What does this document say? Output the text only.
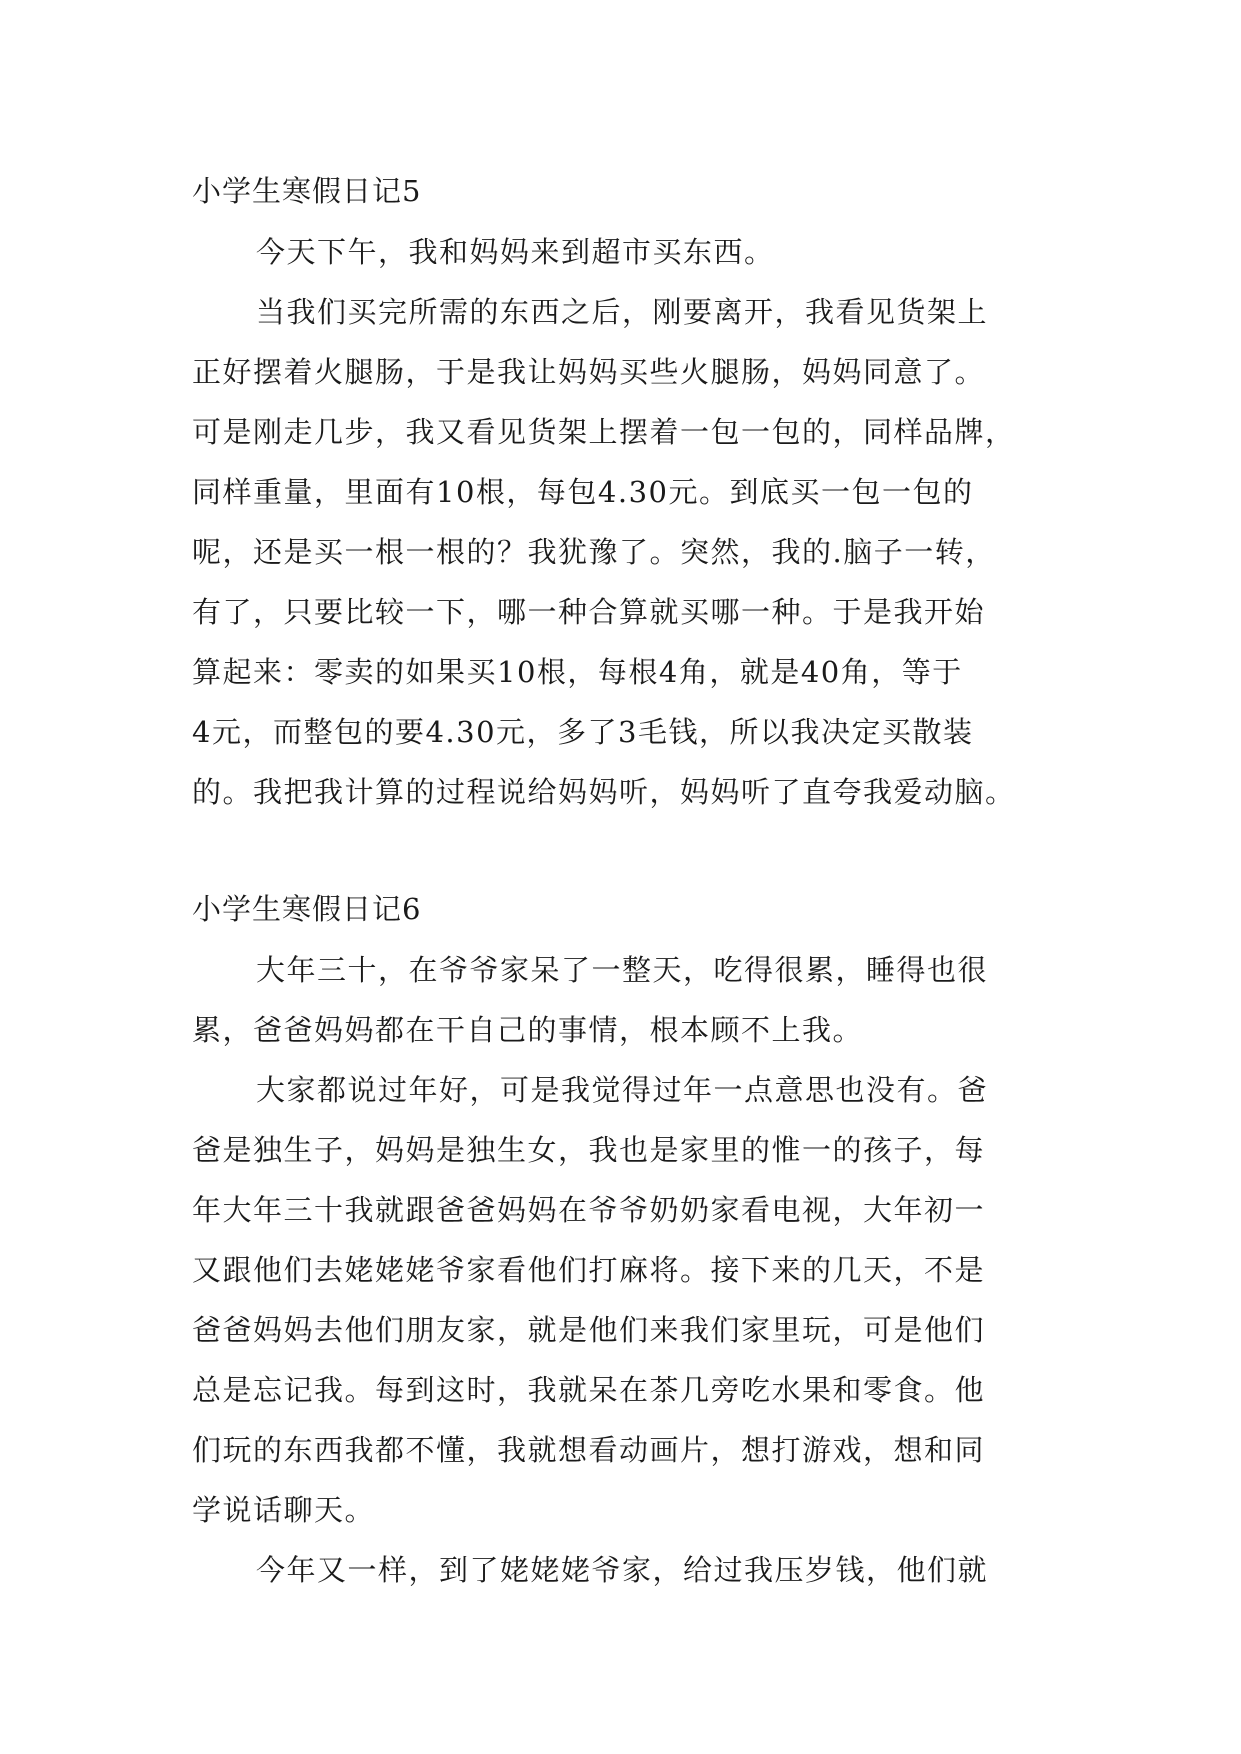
小学生寒假日记5
今天下午，我和妈妈来到超市买东西。
当我们买完所需的东西之后，刚要离开，我看见货架上
正好摆着火腿肠，于是我让妈妈买些火腿肠，妈妈同意了。
可是刚走几步，我又看见货架上摆着一包一包的，同样品牌，
同样重量，里面有10根，每包4.30元。到底买一包一包的
呢，还是买一根一根的？我犹豫了。突然，我的.脑子一转，
有了，只要比较一下，哪一种合算就买哪一种。于是我开始
算起来：零卖的如果买10根，每根4角，就是40角，等于
4元，而整包的要4.30元，多了3毛钱，所以我决定买散装
的。我把我计算的过程说给妈妈听，妈妈听了直夸我爱动脑。
小学生寒假日记6
大年三十，在爷爷家呆了一整天，吃得很累，睡得也很
累，爸爸妈妈都在干自己的事情，根本顾不上我。
大家都说过年好，可是我觉得过年一点意思也没有。爸
爸是独生子，妈妈是独生女，我也是家里的惟一的孩子，每
年大年三十我就跟爸爸妈妈在爷爷奶奶家看电视，大年初一
又跟他们去姥姥姥爷家看他们打麻将。接下来的几天，不是
爸爸妈妈去他们朋友家，就是他们来我们家里玩，可是他们
总是忘记我。每到这时，我就呆在茶几旁吃水果和零食。他
们玩的东西我都不懂，我就想看动画片，想打游戏，想和同
学说话聊天。
今年又一样，到了姥姥姥爷家，给过我压岁钱，他们就
